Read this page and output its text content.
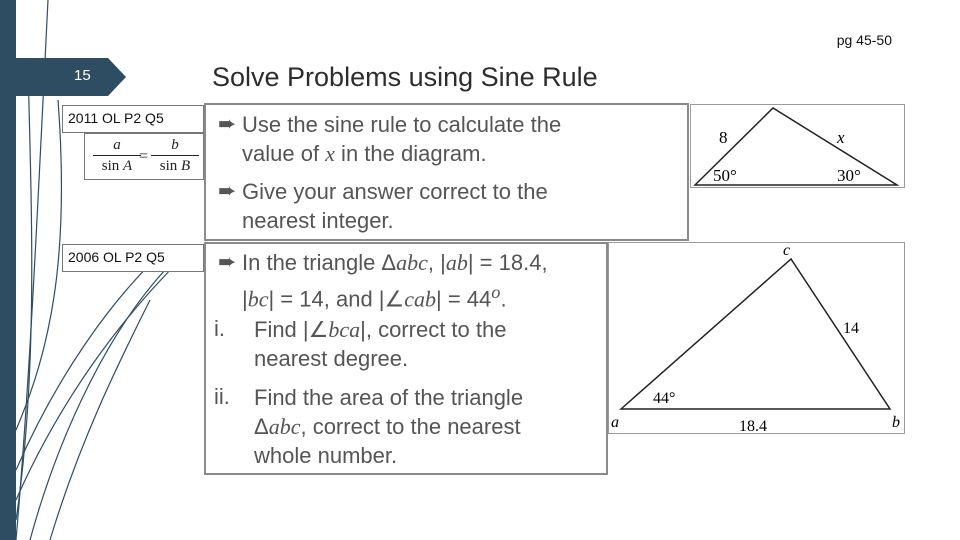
15
pg 45-50
Solve Problems using Sine Rule
2011 OL P2 Q5
$\frac{a}{\text{sin A}}$
= $\frac{b}{\text{sin B}}$
➨ Use the sine rule to calculate the
value of x in the diagram.
➨ Give your answer correct to the
nearest integer.
8	x
50°	30°
2006 OL P2 Q5	➨ In the triangle Δabc, |ab| = 18.4,
|bc| = 14, and |∠cab| = $44^o$.
i. Find |∠bca|, correct to the
nearest degree.
ii. Find the area of the triangle
Δabc, correct to the nearest
whole number.
c
14
44°
a	18.4	b
